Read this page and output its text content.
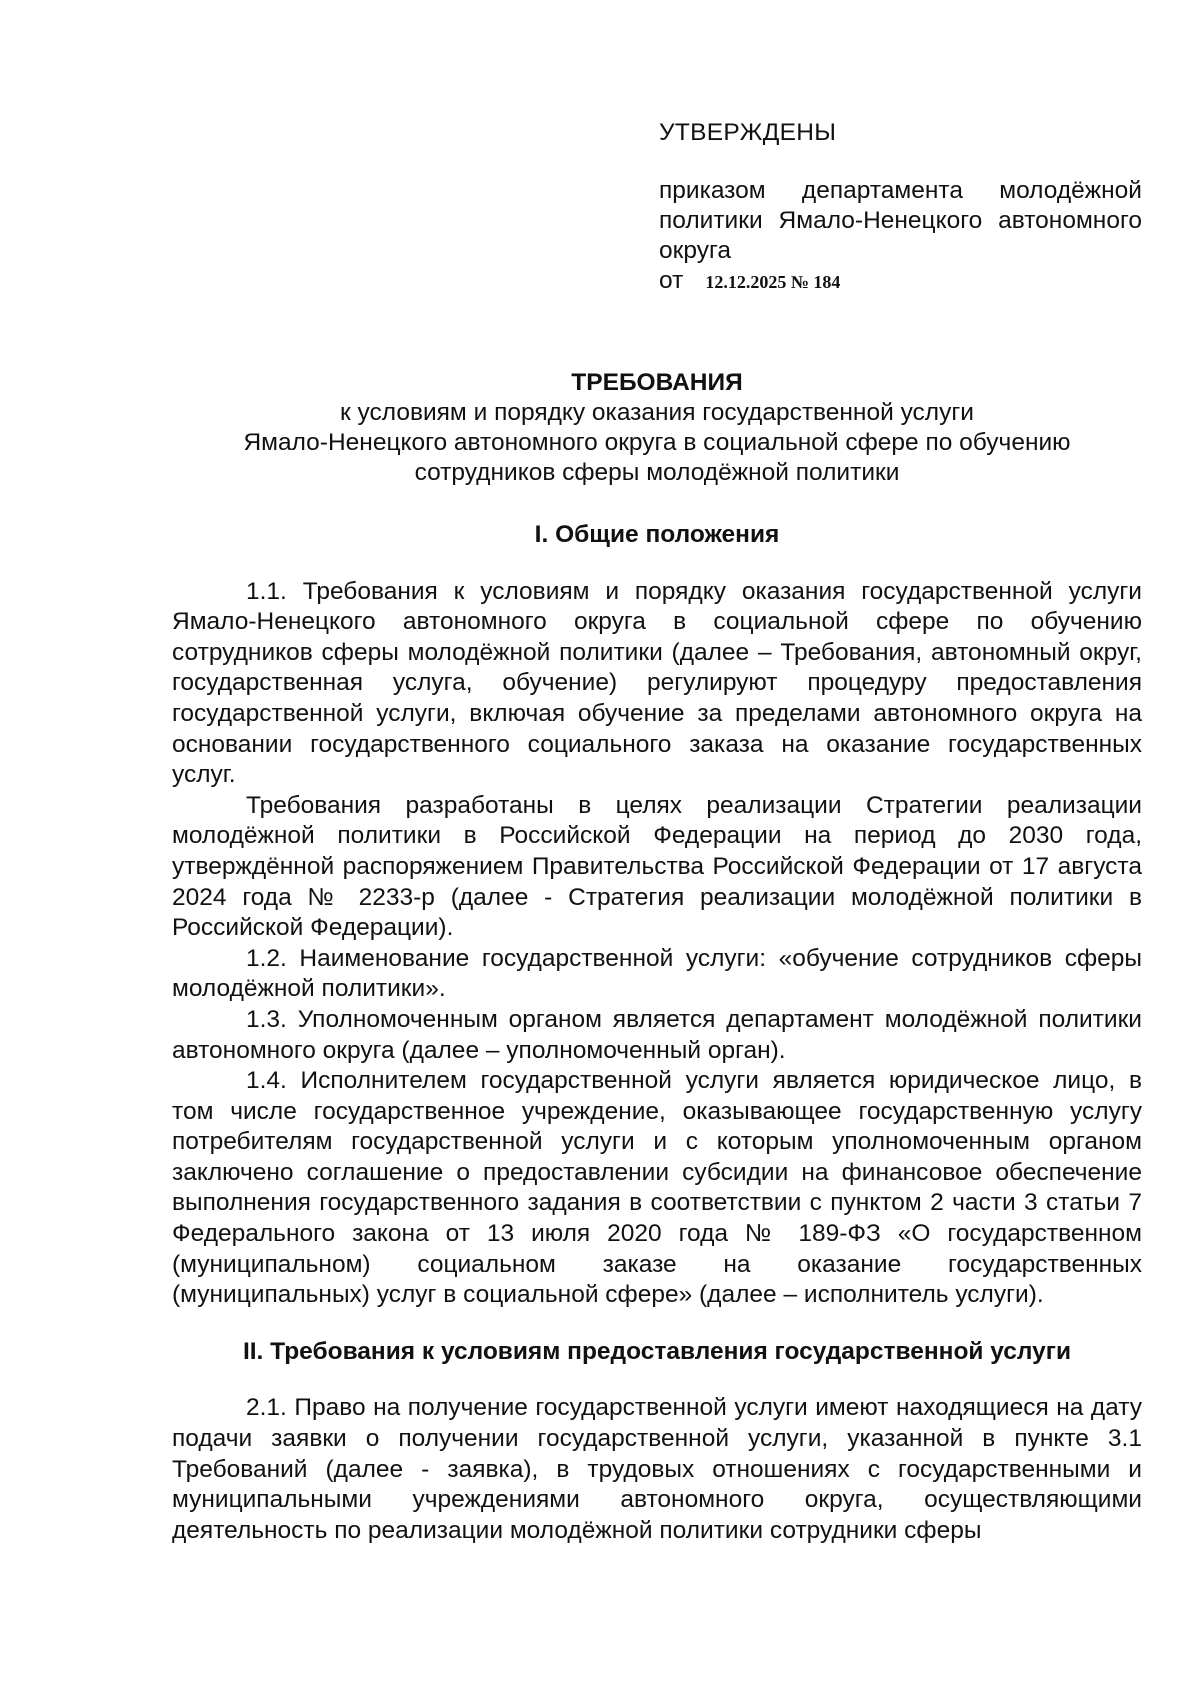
УТВЕРЖДЕНЫ

приказом департамента молодёжной политики Ямало-Ненецкого автономного округа

от 12.12.2025 № 184

ТРЕБОВАНИЯ

к условиям и порядку оказания государственной услуги

Ямало-Ненецкого автономного округа в социальной сфере по обучению

сотрудников сферы молодёжной политики

I. Общие положения

1.1. Требования к условиям и порядку оказания государственной услуги Ямало-Ненецкого автономного округа в социальной сфере по обучению сотрудников сферы молодёжной политики (далее – Требования, автономный округ, государственная услуга, обучение) регулируют процедуру предоставления государственной услуги, включая обучение за пределами автономного округа на основании государственного социального заказа на оказание государственных услуг.

Требования разработаны в целях реализации Стратегии реализации молодёжной политики в Российской Федерации на период до 2030 года, утверждённой распоряжением Правительства Российской Федерации от 17 августа 2024 года № 2233-р (далее - Стратегия реализации молодёжной политики в Российской Федерации).

1.2. Наименование государственной услуги: «обучение сотрудников сферы молодёжной политики».

1.3. Уполномоченным органом является департамент молодёжной политики автономного округа (далее – уполномоченный орган).

1.4. Исполнителем государственной услуги является юридическое лицо, в том числе государственное учреждение, оказывающее государственную услугу потребителям государственной услуги и с которым уполномоченным органом заключено соглашение о предоставлении субсидии на финансовое обеспечение выполнения государственного задания в соответствии с пунктом 2 части 3 статьи 7 Федерального закона от 13 июля 2020 года № 189-ФЗ «О государственном (муниципальном) социальном заказе на оказание государственных (муниципальных) услуг в социальной сфере» (далее – исполнитель услуги).

II. Требования к условиям предоставления государственной услуги

2.1. Право на получение государственной услуги имеют находящиеся на дату подачи заявки о получении государственной услуги, указанной в пункте 3.1 Требований (далее - заявка), в трудовых отношениях с государственными и муниципальными учреждениями автономного округа, осуществляющими деятельность по реализации молодёжной политики сотрудники сферы
